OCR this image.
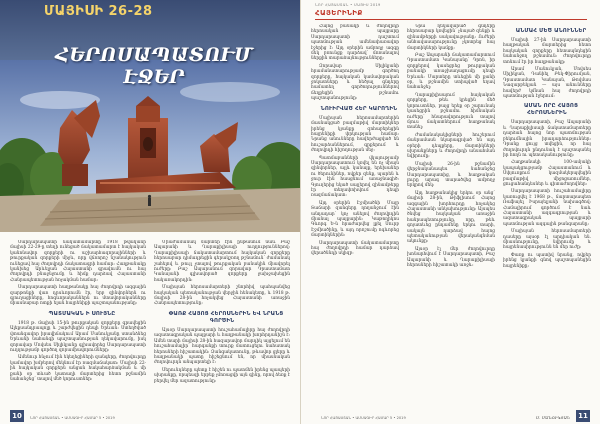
ՄԱՅԻՍԻ 26-28
ՀԵՐՈՍԱՊԱՏՈՒՄ ԷՋԵՐ
Սարդարապատի ճակատամարտը 1918 թվականի մայիսի 22-29-ը տեղի ունեցած ճակատամարտ է հայկական կանոնավոր զորքերի ու աշխարհազորայինների և թուրքական զորքերի միջև, որը վճռորոշ նշանակություն ունեցավ հայ ժողովրդի ճակատագրի համար: Հաղթանակը կանխեց Արևելյան Հայաստանի գրավումն ու հայ ժողովրդի բնաջնջումը և հիմք դարձավ Հայաստանի Հանրապետության հռչակման համար:
Սարդարապատի հաղթանակը հայ ժողովրդի ազգային զարթոնքի վառ դրսևորումն էր, երբ զինվորներն ու գյուղացիները, հոգևորականներն ու մտավորականները միասնաբար ոտքի ելան հայրենիքի պաշտպանությանը:
ՊԱՏՄԱԿԱՆ Ի ՍՈՒՅՆԸ
1918 թ. մայիսի 15-ին թուրքական զորքերը գրավեցին Ալեքսանդրապոլը և շարժվեցին դեպի Երևան: Ստեղծված վտանգավոր իրավիճակում Արամ Մանուկյանը ստանձնեց Երևանի նահանգի պաշտպանության ղեկավարումը, իսկ զորավար Մովսես Սիլիկյանը գլխավորեց Սարդարապատի ուղղությամբ գործող զորամիավորումները:
Ամենուր հնչում էին եկեղեցիների զանգերը, ժողովուրդը կամավոր խմբերով մեկնում էր ռազմաճակատ: Մայիսի 22-ին հայկական զորքերն անցան հակահարձակման և մի քանի օր տևած կատաղի մարտերից հետո թշնամին նահանջեց՝ տալով մեծ կորուստներ:
Միաժամանակ մարտեր էին ընթանում նաև Բաշ Ապարանի և Ղարաքիլիսայի ուղղություններով: Ղարաքիլիսայի ճակատամարտում հայկական զորքերը հերոսաբար դիմադրեցին գերակշռող թշնամուն՝ ժամանակ շահելով և թույլ չտալով թուրքական բանակին միավորել ուժերը: Բաշ Ապարանում զորավար Դրաստամատ Կանայանի գլխավորած զորքերը ջախջախեցին հակառակորդին:
Մայիսյան հերոսամարտերի շնորհիվ պահպանվեց հայկական պետականության վերջին հենակետը, և 1918 թ. մայիսի 28-ին հռչակվեց Հայաստանի առաջին Հանրապետությունը:
ՓԱՌՔ ՀԱՅՈՑ ՀԵՐՈՍՆԵՐԻՆ ԵՎ ՆՐԱՆՑ ԳՈՐԾԻՆ
Այսօր Սարդարապատի հուշահամալիրը հայ ժողովրդի ազատագրական պայքարի և հաղթանակի խորհրդանիշն է: Ամեն տարի մայիսի 28-ին հազարավոր մարդիկ այցելում են հուշահամալիր՝ հարգանքի տուրք մատուցելու նահատակ հերոսների հիշատակին: Զանգակատունը, թևավոր ցլերը և հաղթանակի պատը հիշեցնում են, որ միասնական ժողովուրդն անպարտելի է:
Սերունդները պետք է հիշեն ու պատմեն իրենց պապերի սխրանքը, որպեսզի երբեք չմոռացվի այն գինը, որով ձեռք է բերվել մեր ազատությունը:
10	ՆՈՐ ՀԱՅԱՍՏԱՆ • ԱՄՍԱԳԻՐ ՀԱՄԱՐ 5 • 2019
ՆՈՐ ՀԱՅԱՍՏԱՆ • ՄԱՅԻՍ 2019
ՀԱՅԵՐԻՆԻՔ
Հայոց բանակի և ժողովրդի հերոսական պայքարը Սարդարապատի դաշտում պատմության ամենափառավոր էջերից է: Այդ օրերին ամբողջ ազգը մեկ բռունցք դարձավ՝ մոռանալով ներքին տարաձայնությունները:
Զորավար Սիլիկյանի հրամանատարությամբ գործող զորքերը, հայկական կամավորական ջոկատները և հեծյալ գնդերը համատեղ գործողություններով ճեղքեցին թշնամու պաշտպանությունը:
ՆՈՒԻՐՎԱԾ ՀԵՐ ԿԱՐՈՂԻՆ
Մայիսյան հերոսամարտերին մասնակցած բազմաթիվ մարտիկներ իրենց կյանքը զոհաբերեցին հայրենիքի փրկության համար: Նրանց անունները հավերժացված են հուշարձաններում, գրքերում և ժողովրդի հիշողության մեջ:
Պատմաբանների վկայությամբ Սարդարապատում կռվել են ոչ միայն զինվորներ, այլև կանայք, երեխաներ ու ծերունիներ, ովքեր զենք, պարեն և ջուր էին հասցնում առաջնագիծ: Գյուղերից եկած սայլերով զինամթերք էր տեղափոխվում դեպի ռազմաճակատ:
Այդ օրերին Էջմիածնի Մայր Տաճարի զանգերը ղողանջում էին անդադար՝ կոչ անելով ժողովրդին միանալ պայքարին: Կաթողիկոս Գևորգ Ե-ն հրաժարվեց լքել Սուրբ Էջմիածինը, և այդ որոշումը ոգևորեց մարտիկներին:
Սարդարապատի ճակատամարտը հայ ժողովրդի համար դարձավ վերածննդի սկիզբ:
Նրա ղեկավարած գնդերը հերոսաբար կռվեցին՝ չնայած զենքի և զինամթերքի սակավությանը: Ուժերի անհավասարությունը չկոտրեց հայ մարտիկների կամքը:
Բաշ Ապարանի ճակատամարտում Դրաստամատ Կանայանը՝ Դրոն, իր զորքերով կասեցրեց թուրքական բանակի առաջխաղացումը դեպի Երևան: Մարտերը տևեցին մի քանի օր, և թշնամին ստիպված եղավ նահանջել:
Ղարաքիլիսայում հայկական զորքերը, թեև կրեցին մեծ կորուստներ, բայց երեք օր շարունակ կասեցրին թշնամու հիմնական ուժերը՝ հնարավորություն տալով մյուս ճակատներում հաղթանակ տանել:
Ժամանակակիցների հուշերում մանրամասն նկարագրված են այդ օրերի դեպքերը, մարտիկների սխրանքները և ժողովրդի անսահման նվիրումը:
Մայիսի 26-ին թշնամին վերջնականապես նահանջեց Սարդարապատից, և հաղթական լուրը արագ տարածվեց ամբողջ երկրով մեկ:
Այդ հաղթանակից երկու օր անց՝ մայիսի 28-ին, Թիֆլիսում Հայոց ազգային խորհուրդը հռչակեց Հայաստանի անկախությունը: Այսպես ծնվեց հայկական առաջին հանրապետությունը, որը, թեև գոյատևեց ընդամենը երկու տարի, սակայն դարձավ հայոց պետականության վերականգնման ակունքը:
Այսօր էլ մեր ժողովուրդը խոնարհվում է Սարդարապատի, Բաշ Ապարանի և Ղարաքիլիսայի հերոսների հիշատակի առջև:
ԱՆՄԱՀ ՄԵԾ ԱՆՈՒՆՆԵՐ
Մայիսի 27-ին Սարդարապատի հաղթական մարտերից հետո հայկական զորքերը հետապնդեցին նահանջող թշնամուն: Ժողովուրդը տոնում էր իր հաղթանակը:
Արամ Մանուկյան, Մովսես Սիլիկյան, Դանիել Բեկ-Փիրումյան, Դրաստամատ Կանայան, Թովմաս Նազարբեկյան — այս անունները հավերժ կմնան հայ ժողովրդի պատմության էջերում:
ԱՄԱՆ ՈՐԸ ՀԱՅՈՑ ՀԵՐՈՍՆԵՐԻՆ
Սարդարապատի, Բաշ Ապարանի և Ղարաքիլիսայի ճակատամարտերը դարձան հայոց նոր պատմության բեկումնային իրադարձություններ: Դրանք ցույց տվեցին, որ հայ ժողովուրդն ընդունակ է պաշտպանել իր հողն ու պետականությունը:
Հաղթանակի 100-ամյակի կապակցությամբ Հայաստանում և Սփյուռքում կազմակերպվեցին բազմաթիվ միջոցառումներ, ցուցահանդեսներ և գիտաժողովներ:
Սարդարապատի հուշահամալիրը կառուցվել է 1968 թ., ճարտարապետ Ռաֆայել Իսրայելյանի նախագծով: Համալիրում գործում է նաև Հայաստանի ազգագրության և ազատագրական պայքարի պատմության ազգային թանգարանը:
Մայիսյան հերոսամարտերի դասերը այսօր էլ արդիական են. միասնությունը, նվիրումը և հայրենասիրությունն են մեր ուժը:
Փառք ու պատիվ նրանց, ովքեր իրենց կյանքի գնով պաշտպանեցին հայրենիքը:
ՆՈՐ ՀԱՅԱՍՏԱՆ • ԱՄՍԱԳԻՐ ՀԱՄԱՐ 5 • 2019	Ս. ՄԱՆՈՒԿՅԱՆ	11
